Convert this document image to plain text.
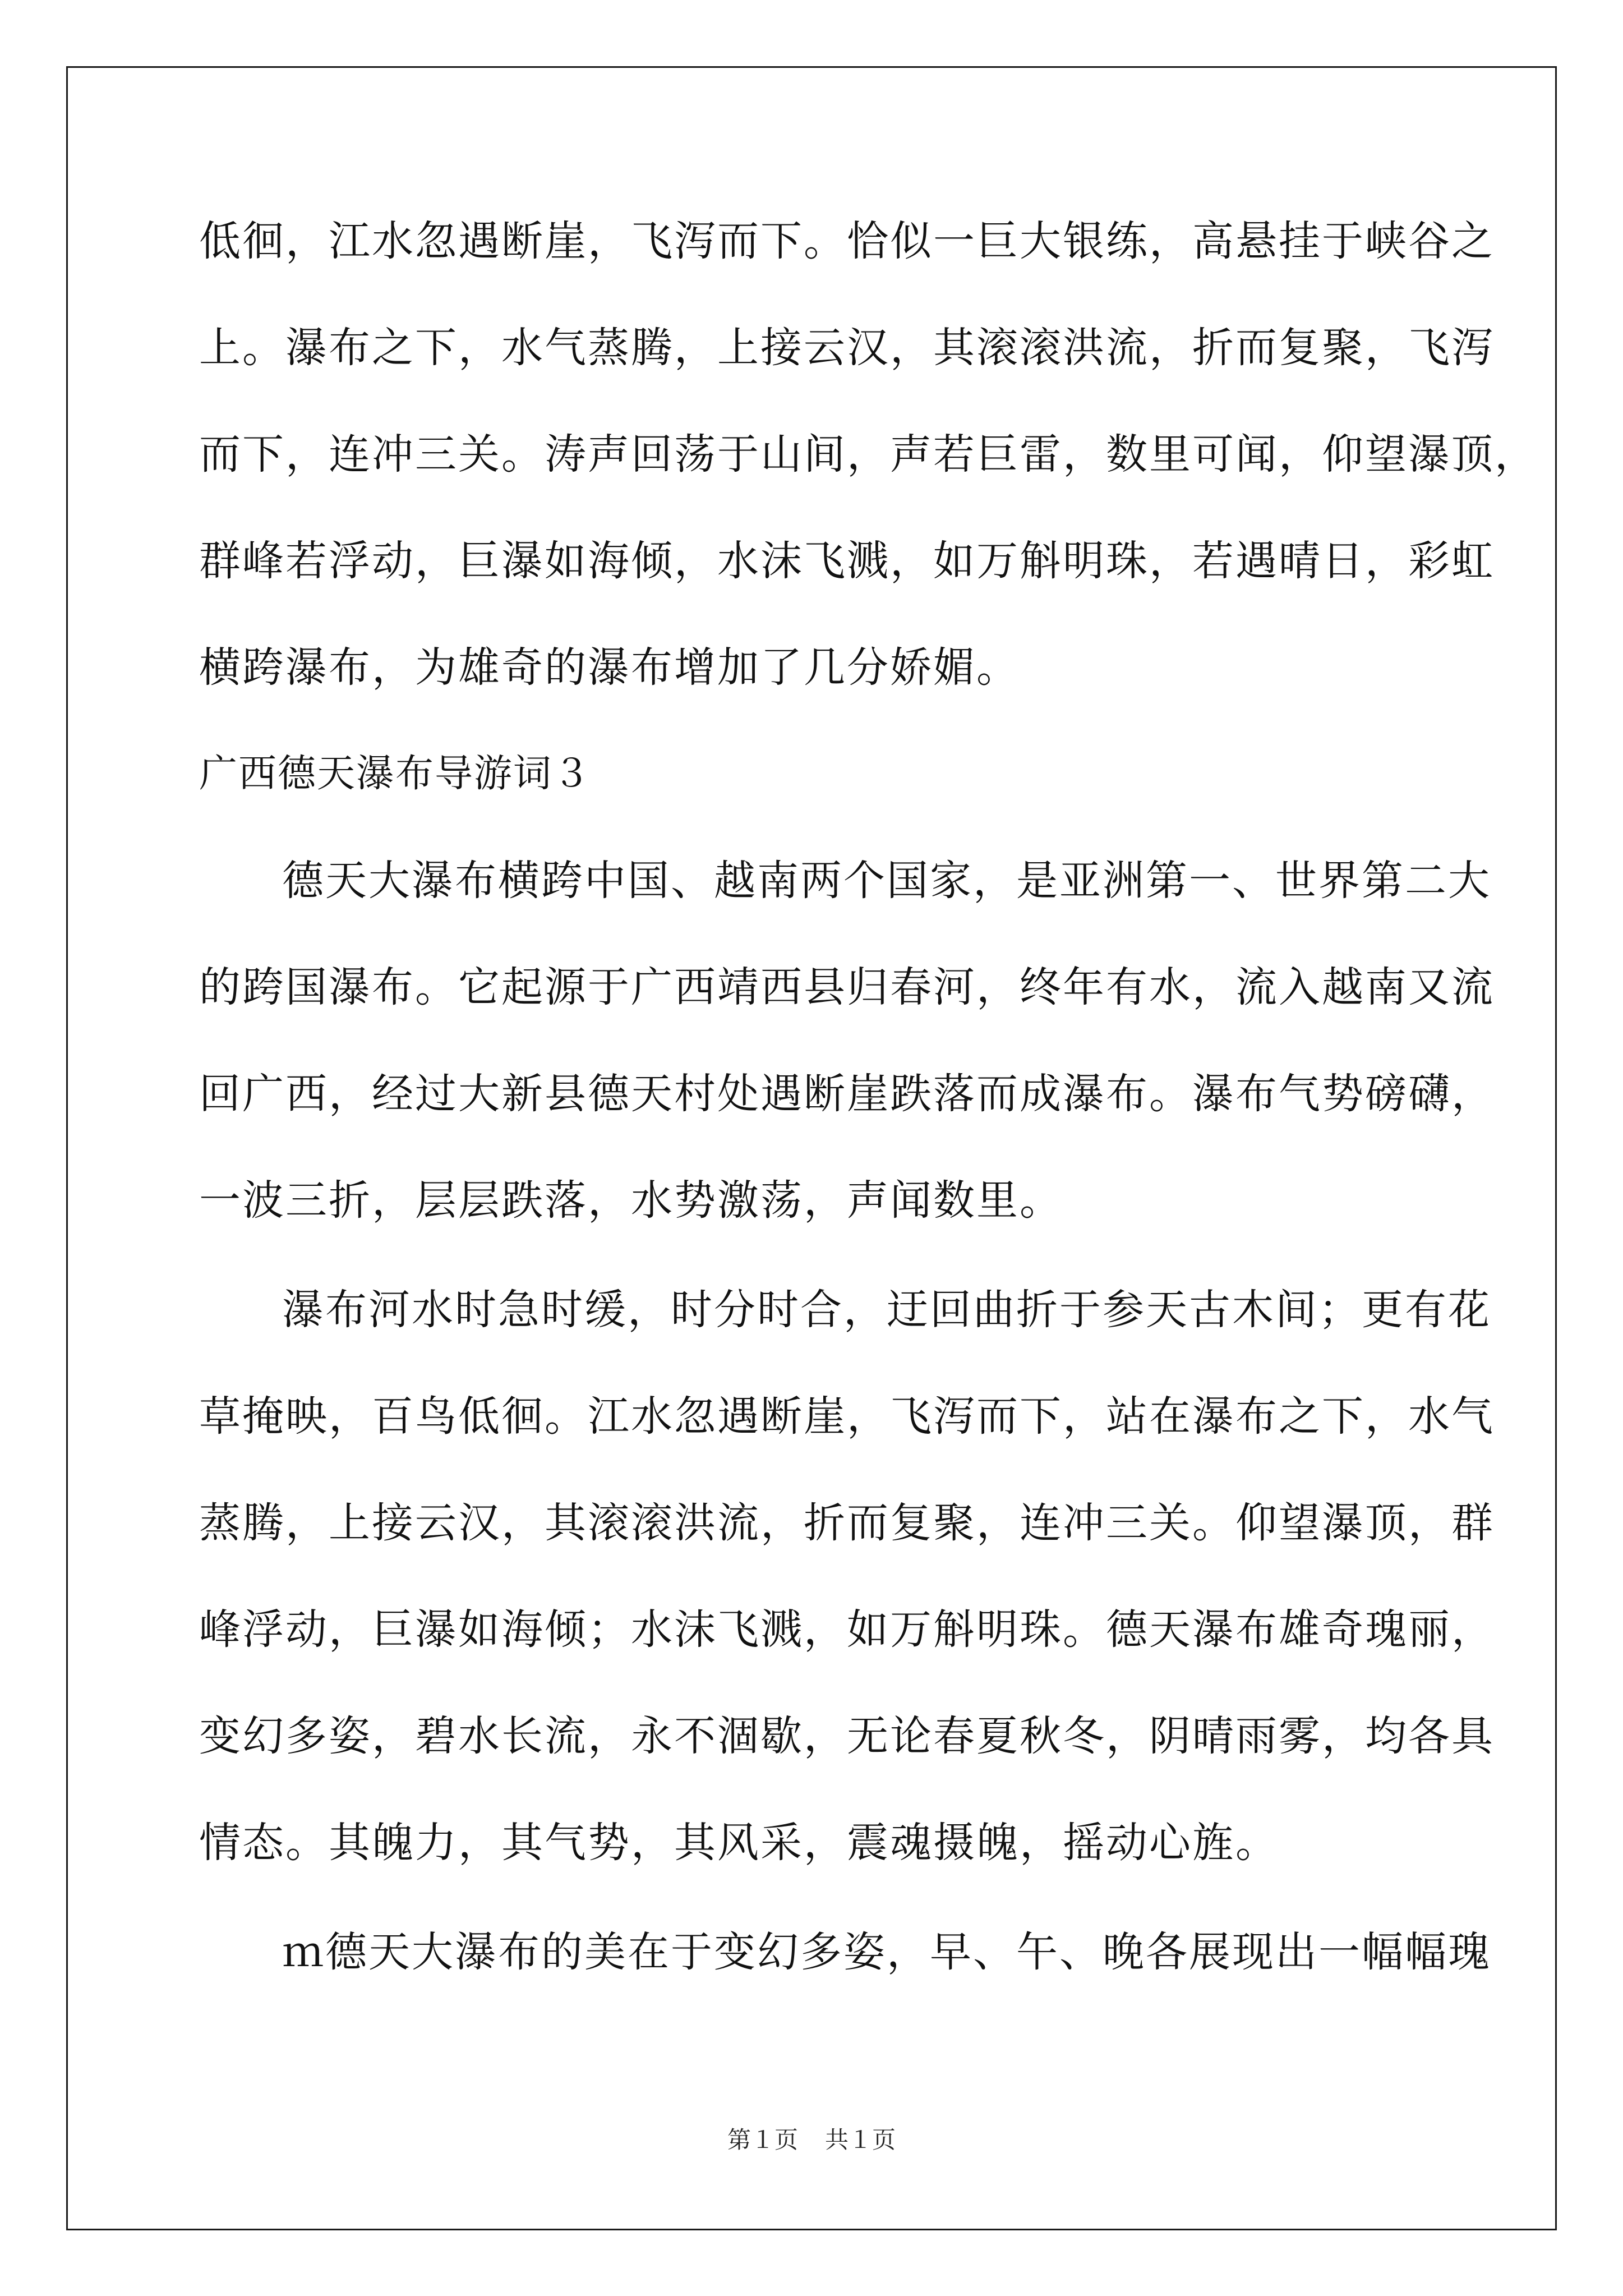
低徊，江水忽遇断崖，飞泻而下。恰似一巨大银练，高悬挂于峡谷之
上。瀑布之下，水气蒸腾，上接云汉，其滚滚洪流，折而复聚，飞泻
而下，连冲三关。涛声回荡于山间，声若巨雷，数里可闻，仰望瀑顶，
群峰若浮动，巨瀑如海倾，水沫飞溅，如万斛明珠，若遇晴日，彩虹
横跨瀑布，为雄奇的瀑布增加了几分娇媚。
广西德天瀑布导游词３
德天大瀑布横跨中国、越南两个国家，是亚洲第一、世界第二大
的跨国瀑布。它起源于广西靖西县归春河，终年有水，流入越南又流
回广西，经过大新县德天村处遇断崖跌落而成瀑布。瀑布气势磅礴，
一波三折，层层跌落，水势激荡，声闻数里。
瀑布河水时急时缓，时分时合，迂回曲折于参天古木间；更有花
草掩映，百鸟低徊。江水忽遇断崖，飞泻而下，站在瀑布之下，水气
蒸腾，上接云汉，其滚滚洪流，折而复聚，连冲三关。仰望瀑顶，群
峰浮动，巨瀑如海倾；水沫飞溅，如万斛明珠。德天瀑布雄奇瑰丽，
变幻多姿，碧水长流，永不涸歇，无论春夏秋冬，阴晴雨雾，均各具
情态。其魄力，其气势，其风采，震魂摄魄，摇动心旌。
ｍ德天大瀑布的美在于变幻多姿，早、午、晚各展现出一幅幅瑰
第１页 共１页
